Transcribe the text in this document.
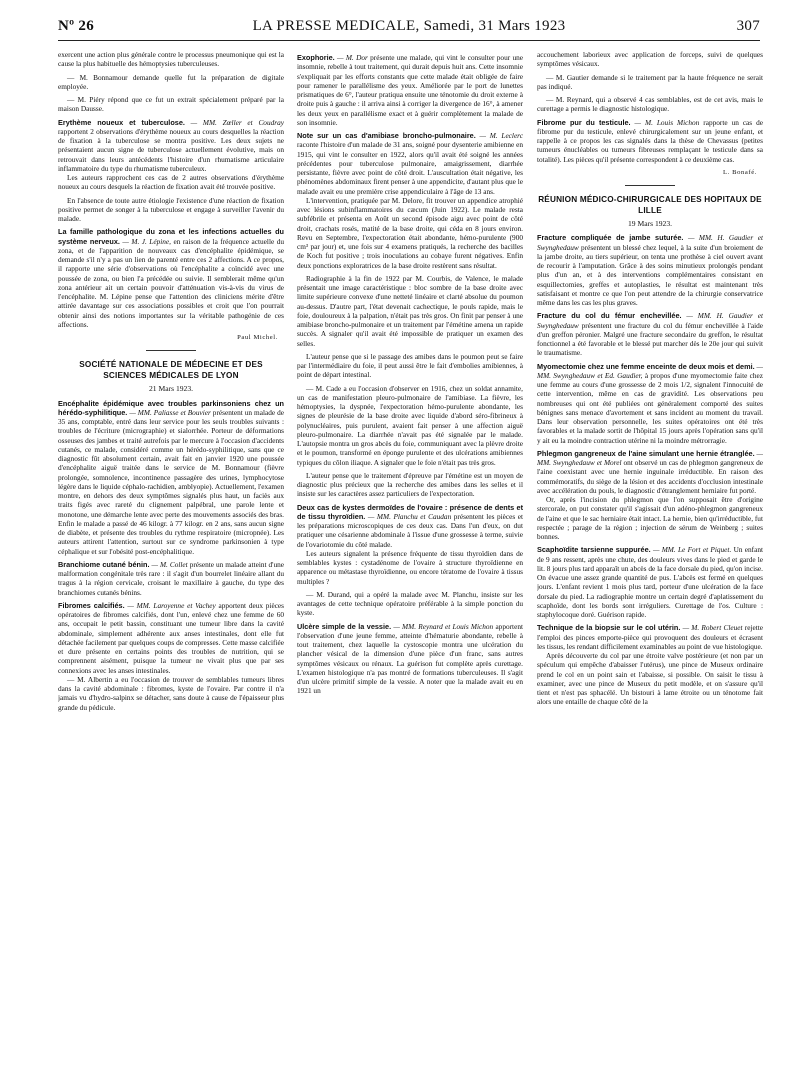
Nº 26	LA PRESSE MEDICALE, Samedi, 31 Mars 1923	307

exercent une action plus générale contre le processus pneumonique qui est la cause la plus habituelle des hémoptysies tuberculeuses.

— M. Bonnamour demande quelle fut la préparation de digitale employée.

— M. Piéry répond que ce fut un extrait spécialement préparé par la maison Dausse.

Erythème noueux et tuberculose. — MM. Zœller et Coudray rapportent 2 observations d'érythème noueux au cours desquelles la réaction de fixation à la tuberculose se montra positive. Les deux sujets ne présentaient aucun signe de tuberculose actuellement évolutive, mais on retrouvait dans leurs antécédents l'histoire d'un rhumatisme articulaire inflammatoire du type du rhumatisme tuberculeux.

Les auteurs rapprochent ces cas de 2 autres observations d'érythème noueux au cours desquels la réaction de fixation avait été trouvée positive.

En l'absence de toute autre étiologie l'existence d'une réaction de fixation positive permet de songer à la tuberculose et engage à surveiller l'avenir du malade.

La famille pathologique du zona et les infections actuelles du système nerveux. — M. J. Lépine, en raison de la fréquence actuelle du zona, et de l'apparition de nouveaux cas d'encéphalite épidémique, se demande s'il n'y a pas un lien de parenté entre ces 2 affections. A ce propos, il rapporte une série d'observations où l'encéphalite a coïncidé avec une poussée de zona, ou bien l'a précédée ou suivie. Il semblerait même qu'un zona antérieur ait un certain pouvoir d'atténuation vis-à-vis du virus de l'encéphalite. M. Lépine pense que l'attention des cliniciens mérite d'être attirée davantage sur ces associations possibles et croit que l'on pourrait obtenir ainsi des notions importantes sur la véritable pathogénie de ces affections.

Paul Michel.
SOCIÉTÉ NATIONALE DE MÉDECINE ET DES SCIENCES MÉDICALES DE LYON
21 Mars 1923.

Encéphalite épidémique avec troubles parkinsoniens chez un hérédo-syphilitique. — MM. Paliasse et Bouvier présentent un malade de 35 ans, comptable, entré dans leur service pour les seuls troubles suivants : troubles de l'écriture (micrographie) et sialorrhée. Porteur de déformations osseuses des jambes et traité autrefois par le mercure à l'occasion d'accidents cutanés, ce malade, considéré comme un hérédo-syphilitique, sans que ce diagnostic fût absolument certain, avait fait en janvier 1920 une poussée d'encéphalite aiguë traitée dans le service de M. Bonnamour (fièvre prolongée, somnolence, incontinence passagère des urines, lymphocytose légère dans le liquide céphalo-rachidien, amblyopie). Actuellement, l'examen montre, en dehors des deux symptômes signalés plus haut, un faciès aux traits figés avec rareté du clignement palpébral, une parole lente et monotone, une démarche lente avec perte des mouvements associés des bras. Enfin le malade a passé de 46 kilogr. à 77 kilogr. en 2 ans, sans aucun signe de diabète, et présente des troubles du rythme respiratoire (micropnée). Les auteurs attirent l'attention, surtout sur ce syndrome parkinsonien à type céphalique et sur l'obésité post-encéphalitique.

Branchiome cutané bénin. — M. Collet présente un malade atteint d'une malformation congénitale très rare : il s'agit d'un bourrelet linéaire allant du tragus à la région cervicale, croisant le maxillaire à gauche, du type des branchiomes cutanés bénins.

Fibromes calcifiés. — MM. Laroyenne et Vachey apportent deux pièces opératoires de fibromes calcifiés, dont l'un, enlevé chez une femme de 60 ans, occupait le petit bassin, constituant une tumeur libre dans la cavité abdominale, simplement adhérente aux anses intestinales, dont elle fut détachée facilement par quelques coups de compresses. Cette masse calcifiée et dure présente en certains points des troubles de nutrition, qui se comprennent aisément, puisque la tumeur ne vivait plus que par ses connexions avec les anses intestinales.

— M. Albertin a eu l'occasion de trouver de semblables tumeurs libres dans la cavité abdominale : fibromes, kyste de l'ovaire. Par contre il n'a jamais vu d'hydro-salpinx se détacher, sans doute à cause de l'épaisseur plus grande du pédicule.

Exophorie. — M. Dor présente une malade, qui vint le consulter pour une insomnie, rebelle à tout traitement, qui durait depuis huit ans. Cette insomnie s'expliquait par les efforts constants que cette malade était obligée de faire pour ramener le parallélisme des yeux. Améliorée par le port de lunettes prismatiques de 6°, l'auteur pratiqua ensuite une ténotomie du droit externe à droite puis à gauche : il arriva ainsi à corriger la divergence de 16°, à amener les deux yeux en parallélisme exact et à guérir complètement la malade de son insomnie.

Note sur un cas d'amibiase broncho-pulmonaire. — M. Leclerc raconte l'histoire d'un malade de 31 ans, soigné pour dysenterie amibienne en 1915, qui vint le consulter en 1922, alors qu'il avait été soigné les années précédentes pour tuberculose pulmonaire, amaigrissement, diarrhée persistante, fièvre avec point de côté droit. L'auscultation était négative, les phénomènes abdominaux firent penser à une appendicite, d'autant plus que le malade avait eu une première crise appendiculaire à l'âge de 13 ans.

L'intervention, pratiquée par M. Delore, fit trouver un appendice atrophié avec lésions subinflammatoires du cæcum (Juin 1922). Le malade resta subfébrile et présenta en Août un second épisode aigu avec point de côté droit, crachats rosés, matité de la base droite, qui céda en 8 jours environ. Revu en Septembre, l'expectoration était abondante, hémo-purulente (900 cm³ par jour) et, une fois sur 4 examens pratiqués, la recherche des bacilles de Koch fut positive ; trois inoculations au cobaye furent négatives. Enfin deux ponctions exploratrices de la base droite restèrent sans résultat.

Radiographie à la fin de 1922 par M. Courbis, de Valence, le malade présentait une image caractéristique : bloc sombre de la base droite avec limite supérieure convexe d'une netteté linéaire et clarté absolue du poumon au-dessus. D'autre part, l'état devenait cachectique, le pouls rapide, mais le foie, douloureux à la palpation, n'était pas très gros. On finit par penser à une amibiase broncho-pulmonaire et un traitement par l'émétine amena un rapide succès. A signaler qu'il avait été impossible de pratiquer un examen des selles.

L'auteur pense que si le passage des amibes dans le poumon peut se faire par l'intermédiaire du foie, il peut aussi être le fait d'embolies amibiennes, à point de départ intestinal.

— M. Cade a eu l'occasion d'observer en 1916, chez un soldat annamite, un cas de manifestation pleuro-pulmonaire de l'amibiase. La fièvre, les hémoptysies, la dyspnée, l'expectoration hémo-purulente abondante, les signes de pleurésie de la base droite avec liquide d'abord séro-fibrineux à polynucléaires, puis purulent, avaient fait penser à une affection aiguë pleuro-pulmonaire. La diarrhée n'avait pas été signalée par le malade. L'autopsie montra un gros abcès du foie, communiquant avec la plèvre droite et le poumon, transformé en éponge purulente et des ulcérations amibiennes typiques du côlon iliaque. A signaler que le foie n'était pas très gros.

L'auteur pense que le traitement d'épreuve par l'émétine est un moyen de diagnostic plus précieux que la recherche des amibes dans les selles et il insiste sur les caractères assez particuliers de l'expectoration.

Deux cas de kystes dermoïdes de l'ovaire : présence de dents et de tissu thyroïdien. — MM. Planchu et Caudan présentent les pièces et les préparations microscopiques de ces deux cas. Dans l'un d'eux, on dut pratiquer une césarienne abdominale à l'issue d'une grossesse à terme, suivie de l'ovariotomie du côté malade.

Les auteurs signalent la présence fréquente de tissu thyroïdien dans de semblables kystes : cystadénome de l'ovaire à structure thyroïdienne en apparence ou métastase thyroïdienne, ou encore tératome de l'ovaire à tissus multiples ?

— M. Durand, qui a opéré la malade avec M. Planchu, insiste sur les avantages de cette technique opératoire préférable à la simple ponction du kyste.

Ulcère simple de la vessie. — MM. Reynard et Louis Michon apportent l'observation d'une jeune femme, atteinte d'hématurie abondante, rebelle à tout traitement, chez laquelle la cystoscopie montra une ulcération du plancher vésical de la dimension d'une pièce d'un franc, sans autres symptômes vésicaux ou rénaux. La guérison fut complète après curettage. L'examen histologique n'a pas montré de formations tuberculeuses. Il s'agit d'un ulcère primitif simple de la vessie. A noter que la malade avait eu en 1921 un

accouchement laborieux avec application de forceps, suivi de quelques symptômes vésicaux.

— M. Gautier demande si le traitement par la haute fréquence ne serait pas indiqué.

— M. Reynard, qui a observé 4 cas semblables, est de cet avis, mais le curettage a permis le diagnostic histologique.

Fibrome pur du testicule. — M. Louis Michon rapporte un cas de fibrome pur du testicule, enlevé chirurgicalement sur un jeune enfant, et rappelle à ce propos les cas signalés dans la thèse de Chevassus (petites tumeurs énucléables ou tumeurs fibreuses remplaçant le testicule dans sa totalité). Les pièces qu'il présente correspondent à ce deuxième cas.

L. Bonafé.
RÉUNION MÉDICO-CHIRURGICALE DES HOPITAUX DE LILLE
19 Mars 1923.

Fracture compliquée de jambe suturée. — MM. H. Gaudier et Swynghedauw présentent un blessé chez lequel, à la suite d'un broiement de la jambe droite, au tiers supérieur, on tenta une prothèse à ciel ouvert avant de recourir à l'amputation. Grâce à des soins minutieux prolongés pendant plus d'un an, et à des interventions complémentaires consistant en esquillectomies, greffes et autoplasties, le résultat est maintenant très satisfaisant et montre ce que l'on peut attendre de la chirurgie conservatrice même dans les cas les plus graves.

Fracture du col du fémur enchevillée. — MM. H. Gaudier et Swynghedauw présentent une fracture du col du fémur enchevillée à l'aide d'un greffon péronier. Malgré une fracture secondaire du greffon, le résultat fonctionnel a été favorable et le blessé put marcher dès le 20e jour qui suivit le traumatisme.

Myomectomie chez une femme enceinte de deux mois et demi. — MM. Swynghedauw et Ed. Gaudier, à propos d'une myomectomie faite chez une femme au cours d'une grossesse de 2 mois 1/2, signalent l'innocuité de cette intervention, même en cas de gravidité. Les observations peu nombreuses qui ont été publiées ont généralement comporté des suites bénignes sans menace d'avortement et sans incident au moment du travail. Dans leur observation personnelle, les suites opératoires ont été très favorables et la malade sortit de l'hôpital 15 jours après l'opération sans qu'il y ait eu la moindre contraction utérine ni la moindre métrorragie.

Phlegmon gangreneux de l'aine simulant une hernie étranglée. — MM. Swynghedauw et Morel ont observé un cas de phlegmon gangreneux de l'aine coexistant avec une hernie inguinale irréductible. En raison des commémoratifs, du siège de la lésion et des accidents d'occlusion intestinale avec accélération du pouls, le diagnostic d'étranglement herniaire fut porté.

Or, après l'incision du phlegmon que l'on supposait être d'origine stercorale, on put constater qu'il s'agissait d'un adéno-phlegmon gangreneux de l'aine et que le sac herniaire était intact. La hernie, bien qu'irréductible, fut respectée ; parage de la région ; injection de sérum de Weinberg ; suites bonnes.

Scaphoïdite tarsienne suppurée. — MM. Le Fort et Piquet. Un enfant de 9 ans ressent, après une chute, des douleurs vives dans le pied et garde le lit. 8 jours plus tard apparaît un abcès de la face dorsale du pied, qu'on incise. On évacue une assez grande quantité de pus. L'abcès est fermé en quelques jours. L'enfant revient 1 mois plus tard, porteur d'une ulcération de la face dorsale du pied. La radiographie montre un certain degré d'aplatissement du scaphoïde, dont les bords sont irréguliers. Curettage de l'os. Culture : staphylocoque doré. Guérison rapide.

Technique de la biopsie sur le col utérin. — M. Robert Cleuet rejette l'emploi des pinces emporte-pièce qui provoquent des douleurs et écrasent les tissus, les rendant difficilement examinables au point de vue histologique.

Après découverte du col par une étroite valve postérieure (et non par un spéculum qui empêche d'abaisser l'utérus), une pince de Museux ordinaire prend le col en un point sain et l'abaisse, si possible. On saisit le tissu à examiner, avec une pince de Museux du petit modèle, et on s'assure qu'il tient et n'est pas sphacélé. Un bistouri à lame étroite ou un ténotome fait alors une entaille de chaque côté de la
